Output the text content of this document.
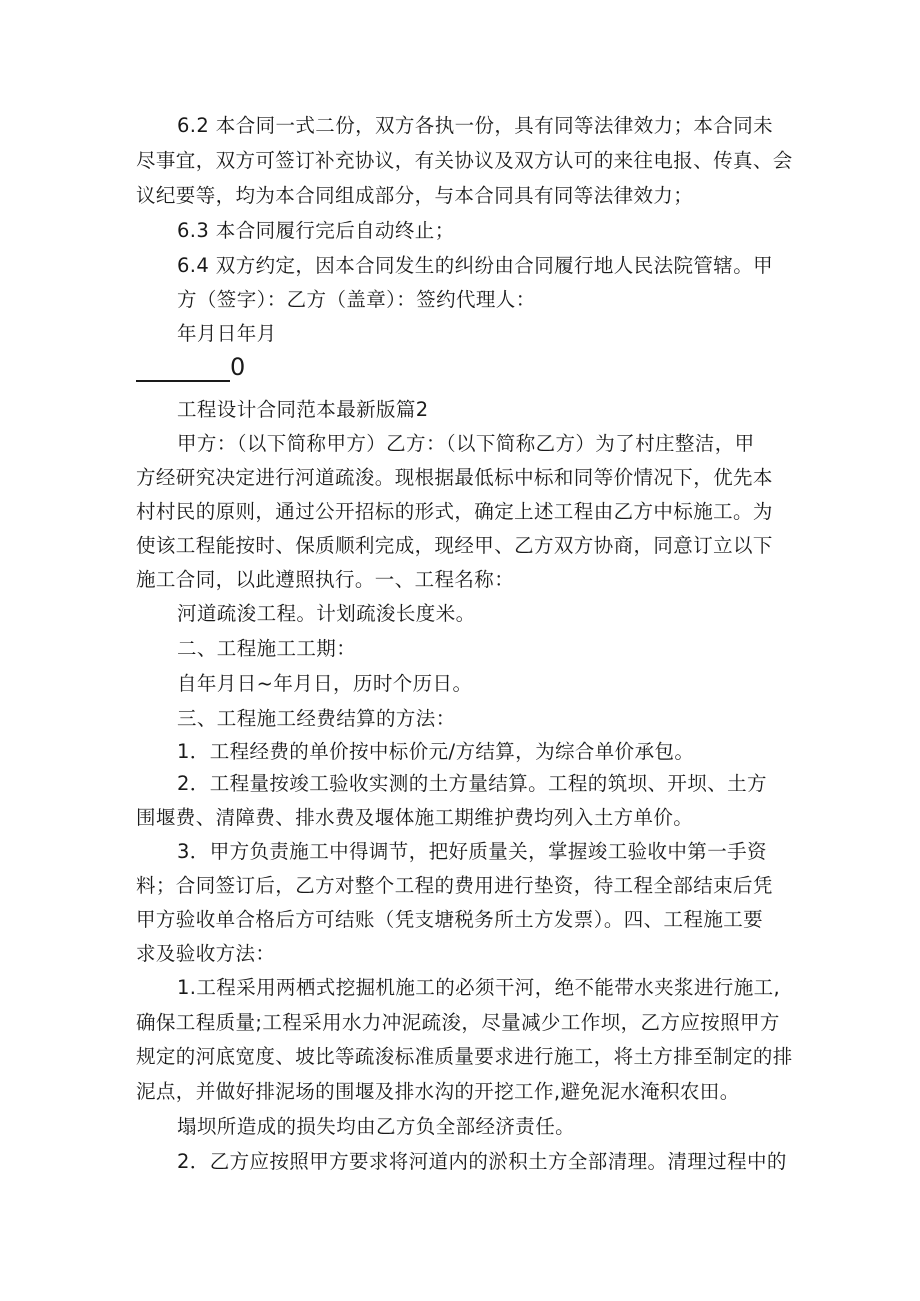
6.2 本合同一式二份，双方各执一份，具有同等法律效力；本合同未
尽事宜，双方可签订补充协议，有关协议及双方认可的来往电报、传真、会
议纪要等，均为本合同组成部分，与本合同具有同等法律效力；
6.3 本合同履行完后自动终止；
6.4 双方约定，因本合同发生的纠纷由合同履行地人民法院管辖。甲
方（签字）：乙方（盖章）：签约代理人：
年月日年月
0
工程设计合同范本最新版篇2
甲方：（以下简称甲方）乙方：（以下简称乙方）为了村庄整洁，甲
方经研究决定进行河道疏浚。现根据最低标中标和同等价情况下，优先本
村村民的原则，通过公开招标的形式，确定上述工程由乙方中标施工。为
使该工程能按时、保质顺利完成，现经甲、乙方双方协商，同意订立以下
施工合同，以此遵照执行。一、工程名称：
河道疏浚工程。计划疏浚长度米。
二、工程施工工期：
自年月日~年月日，历时个历日。
三、工程施工经费结算的方法：
1．工程经费的单价按中标价元/方结算，为综合单价承包。
2．工程量按竣工验收实测的土方量结算。工程的筑坝、开坝、土方
围堰费、清障费、排水费及堰体施工期维护费均列入土方单价。
3．甲方负责施工中得调节，把好质量关，掌握竣工验收中第一手资
料；合同签订后，乙方对整个工程的费用进行垫资，待工程全部结束后凭
甲方验收单合格后方可结账（凭支塘税务所土方发票）。四、工程施工要
求及验收方法：
1.工程采用两栖式挖掘机施工的必须干河，绝不能带水夹浆进行施工,
确保工程质量;工程采用水力冲泥疏浚，尽量减少工作坝，乙方应按照甲方
规定的河底宽度、坡比等疏浚标准质量要求进行施工，将土方排至制定的排
泥点，并做好排泥场的围堰及排水沟的开挖工作,避免泥水淹积农田。
塌坝所造成的损失均由乙方负全部经济责任。
2．乙方应按照甲方要求将河道内的淤积土方全部清理。清理过程中的
